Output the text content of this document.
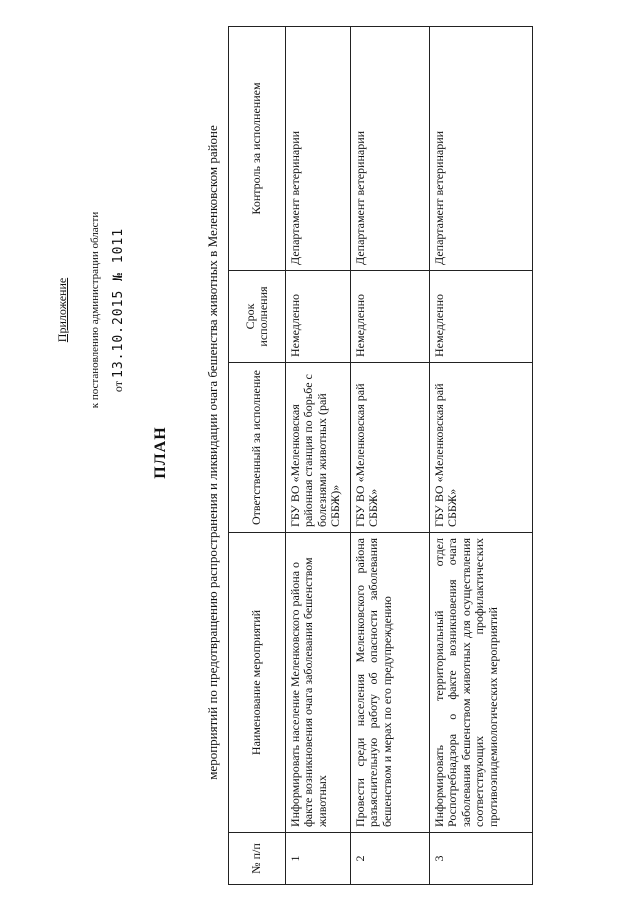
Приложение к постановлению администрации области от 13.10.2015 № 1011
ПЛАН	мероприятий по предотвращению распространения и ликвидации очага бешенства животных в Меленковском районе
№ п/п	Наименование мероприятий	Ответственный за исполнение	Срок исполнения	Контроль за исполнением
1	Информировать население Меленковского района о факте возникновения очага заболевания бешенством животных	ГБУ ВО «Меленковская районная станция по борьбе с болезнями животных (рай СББЖ)»	Немедленно	Департамент ветеринарии
2	Провести среди населения Меленковского района разъяснительную работу об опасности заболевания бешенством и мерах по его предупреждению	ГБУ ВО «Меленковская рай СББЖ»	Немедленно	Департамент ветеринарии
3	Информировать территориальный отдел Роспотребнадзора о факте возникновения очага заболевания бешенством животных для осуществления соответствующих профилактических противоэпидемиологических мероприятий	ГБУ ВО «Меленковская рай СББЖ»	Немедленно	Департамент ветеринарии
